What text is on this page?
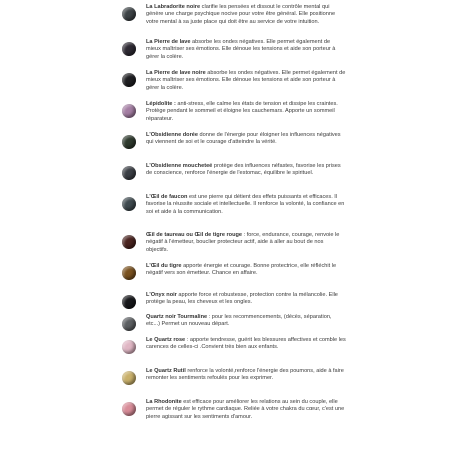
La Labradorite noire clarifie les pensées et dissout le contrôle mental qui génère une charge psychique nocive pour votre être général. Elle positionne votre mental à sa juste place qui doit être au service de votre intuition.
La Pierre de lave absorbe les ondes négatives. Elle permet également de mieux maîtriser ses émotions. Elle dénoue les tensions et aide son porteur à gérer la colère.
La Pierre de lave noire absorbe les ondes négatives. Elle permet également de mieux maîtriser ses émotions. Elle dénoue les tensions et aide son porteur à gérer la colère.
Lépidolite : anti-stress, elle calme les états de tension et dissipe les craintes. Protège pendant le sommeil et éloigne les cauchemars. Apporte un sommeil réparateur.
L'Obsidienne dorée donne de l'énergie pour éloigner les influences négatives qui viennent de soi et le courage d'atteindre la vérité.
L'Obsidienne moucheteé protège des influences néfastes, favorise les prises de conscience, renforce l'énergie de l'estomac, équilibre le spirituel.
L'Œil de faucon est une pierre qui détient des effets puissants et efficaces. Il favorise la réussite sociale et intellectuelle. Il renforce la volonté, la confiance en soi et aide à la communication.
Œil de taureau ou Œil de tigre rouge : force, endurance, courage, renvoie le négatif à l'émetteur, bouclier protecteur actif, aide à aller au bout de nos objectifs.
L'Œil du tigre apporte énergie et courage. Bonne protectrice, elle réfléchit le négatif vers son émetteur. Chance en affaire.
L'Onyx noir apporte force et robustesse, protection contre la mélancolie. Elle protège la peau, les cheveux et les ongles.
Quartz noir Tourmaline : pour les recommencements, (décès, séparation, etc...) Permet un nouveau départ.
Le Quartz rose : apporte tendresse, guérit les blessures affectives et comble les carences de celles-ci .Convient très bien aux enfants.
Le Quartz Rutil renforce la volonté,renforce l'énergie des poumons, aide à faire remonter les sentiments refoulés pour les exprimer.
La Rhodonite est efficace pour améliorer les relations au sein du couple, elle permet de réguler le rythme cardiaque. Reliée à votre chakra du cœur, c'est une pierre agissant sur les sentiments d'amour.
